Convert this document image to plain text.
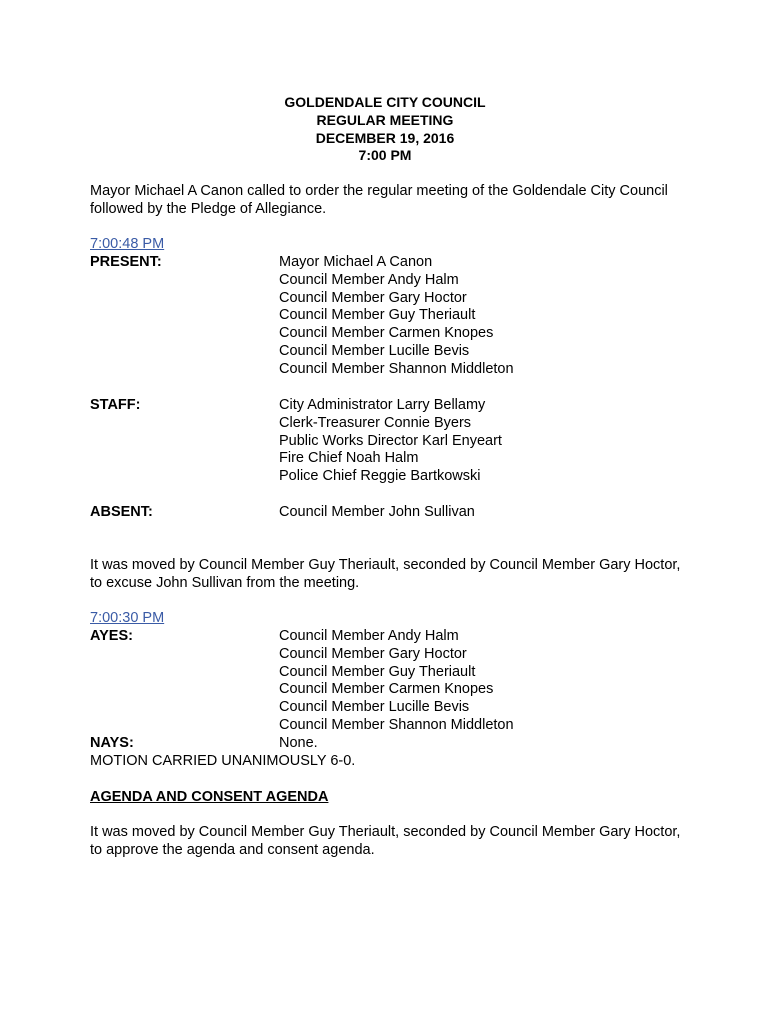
GOLDENDALE CITY COUNCIL
REGULAR MEETING
DECEMBER 19, 2016
7:00 PM
Mayor Michael A Canon called to order the regular meeting of the Goldendale City Council followed by the Pledge of Allegiance.
7:00:48 PM
PRESENT:	Mayor Michael A Canon
Council Member Andy Halm
Council Member Gary Hoctor
Council Member Guy Theriault
Council Member Carmen Knopes
Council Member Lucille Bevis
Council Member Shannon Middleton
STAFF:	City Administrator Larry Bellamy
Clerk-Treasurer Connie Byers
Public Works Director Karl Enyeart
Fire Chief Noah Halm
Police Chief Reggie Bartkowski
ABSENT:	Council Member John Sullivan
It was moved by Council Member Guy Theriault, seconded by Council Member Gary Hoctor, to excuse John Sullivan from the meeting.
7:00:30 PM
AYES:	Council Member Andy Halm
Council Member Gary Hoctor
Council Member Guy Theriault
Council Member Carmen Knopes
Council Member Lucille Bevis
Council Member Shannon Middleton
NAYS:	None.
MOTION CARRIED UNANIMOUSLY 6-0.
AGENDA AND CONSENT AGENDA
It was moved by Council Member Guy Theriault, seconded by Council Member Gary Hoctor, to approve the agenda and consent agenda.
